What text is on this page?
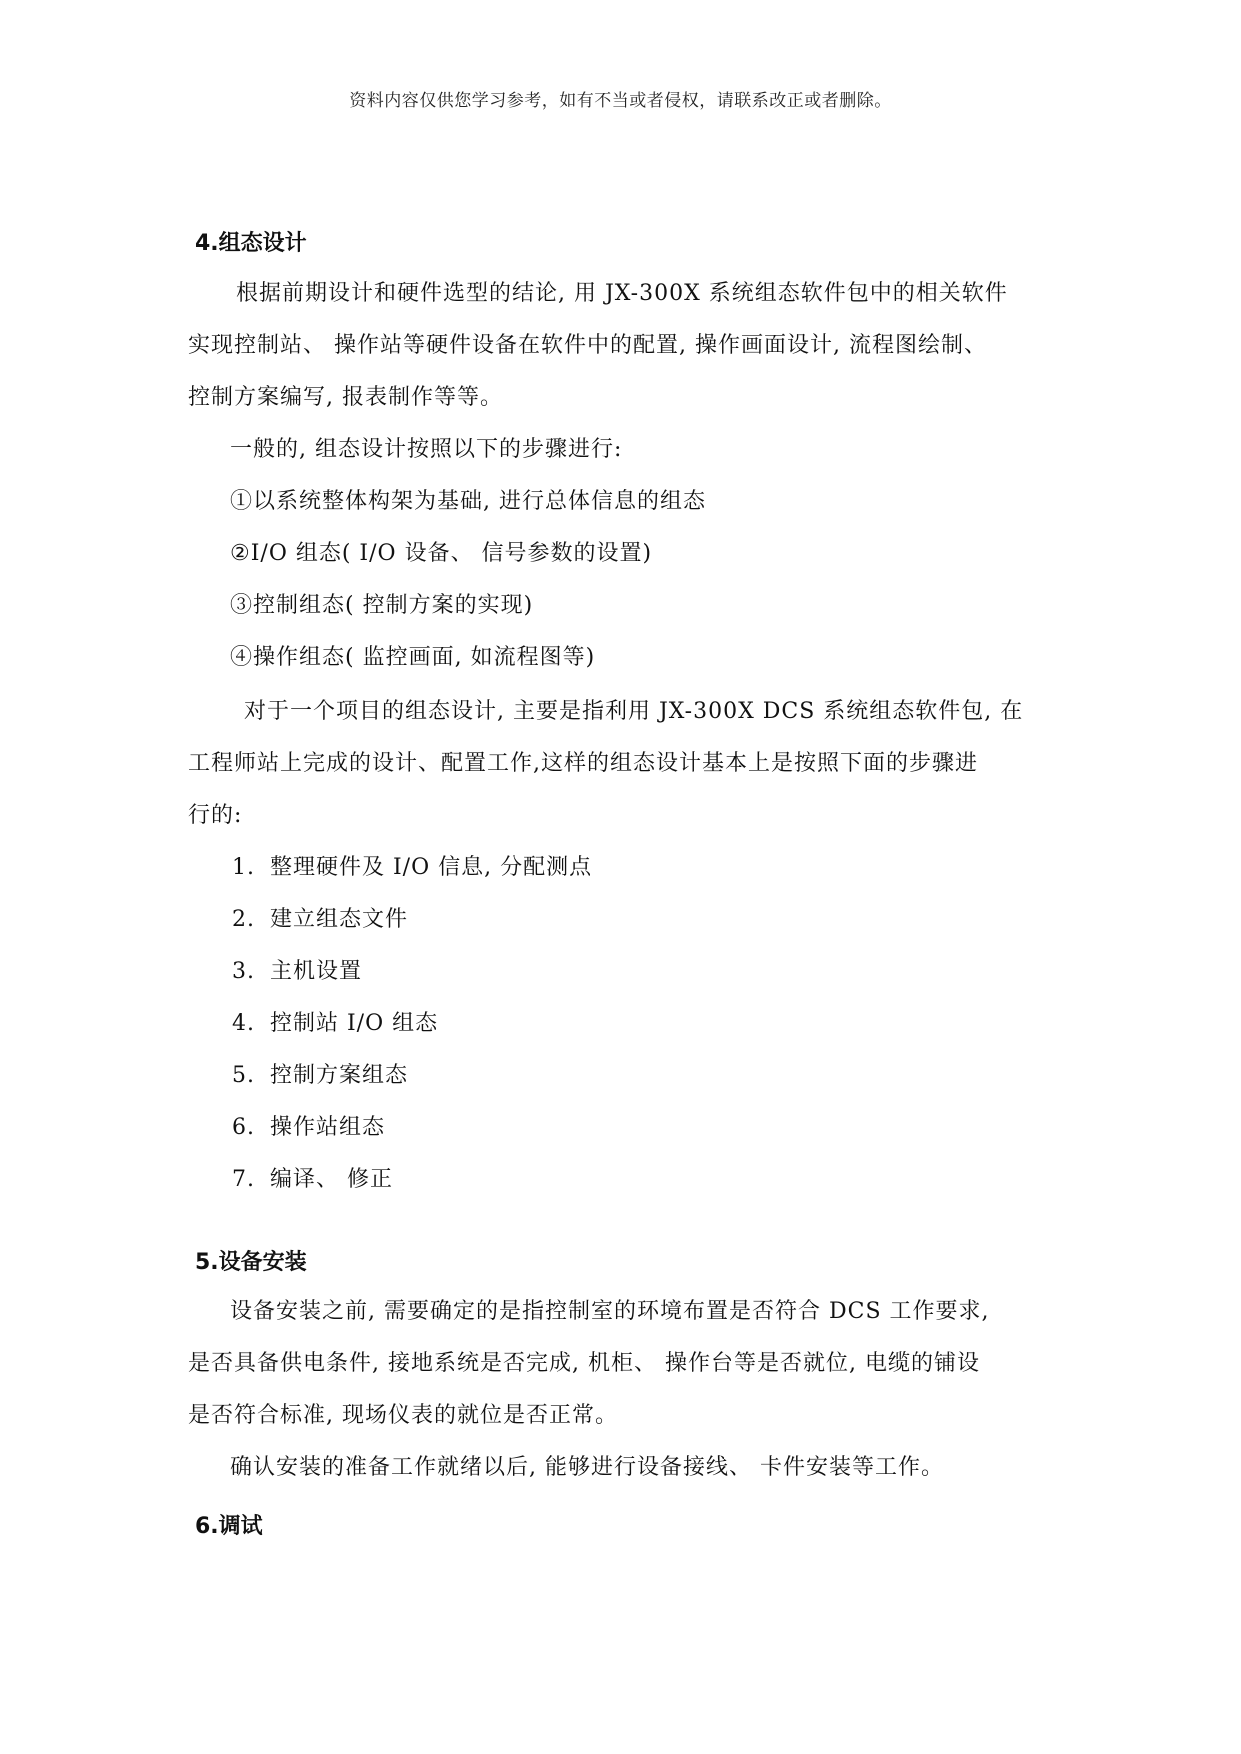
资料内容仅供您学习参考，如有不当或者侵权，请联系改正或者删除。
4.组态设计
根据前期设计和硬件选型的结论, 用 JX-300X 系统组态软件包中的相关软件
实现控制站、 操作站等硬件设备在软件中的配置, 操作画面设计, 流程图绘制、
控制方案编写, 报表制作等等。
一般的, 组态设计按照以下的步骤进行:
①以系统整体构架为基础, 进行总体信息的组态
②I/O 组态( I/O 设备、 信号参数的设置)
③控制组态( 控制方案的实现)
④操作组态( 监控画面, 如流程图等)
对于一个项目的组态设计, 主要是指利用 JX-300X DCS 系统组态软件包, 在
工程师站上完成的设计、配置工作,这样的组态设计基本上是按照下面的步骤进
行的:
1. 整理硬件及 I/O 信息, 分配测点
2. 建立组态文件
3. 主机设置
4. 控制站 I/O 组态
5. 控制方案组态
6. 操作站组态
7. 编译、 修正
5.设备安装
设备安装之前, 需要确定的是指控制室的环境布置是否符合 DCS 工作要求,
是否具备供电条件, 接地系统是否完成, 机柜、 操作台等是否就位, 电缆的铺设
是否符合标准, 现场仪表的就位是否正常。
确认安装的准备工作就绪以后, 能够进行设备接线、 卡件安装等工作。
6.调试
